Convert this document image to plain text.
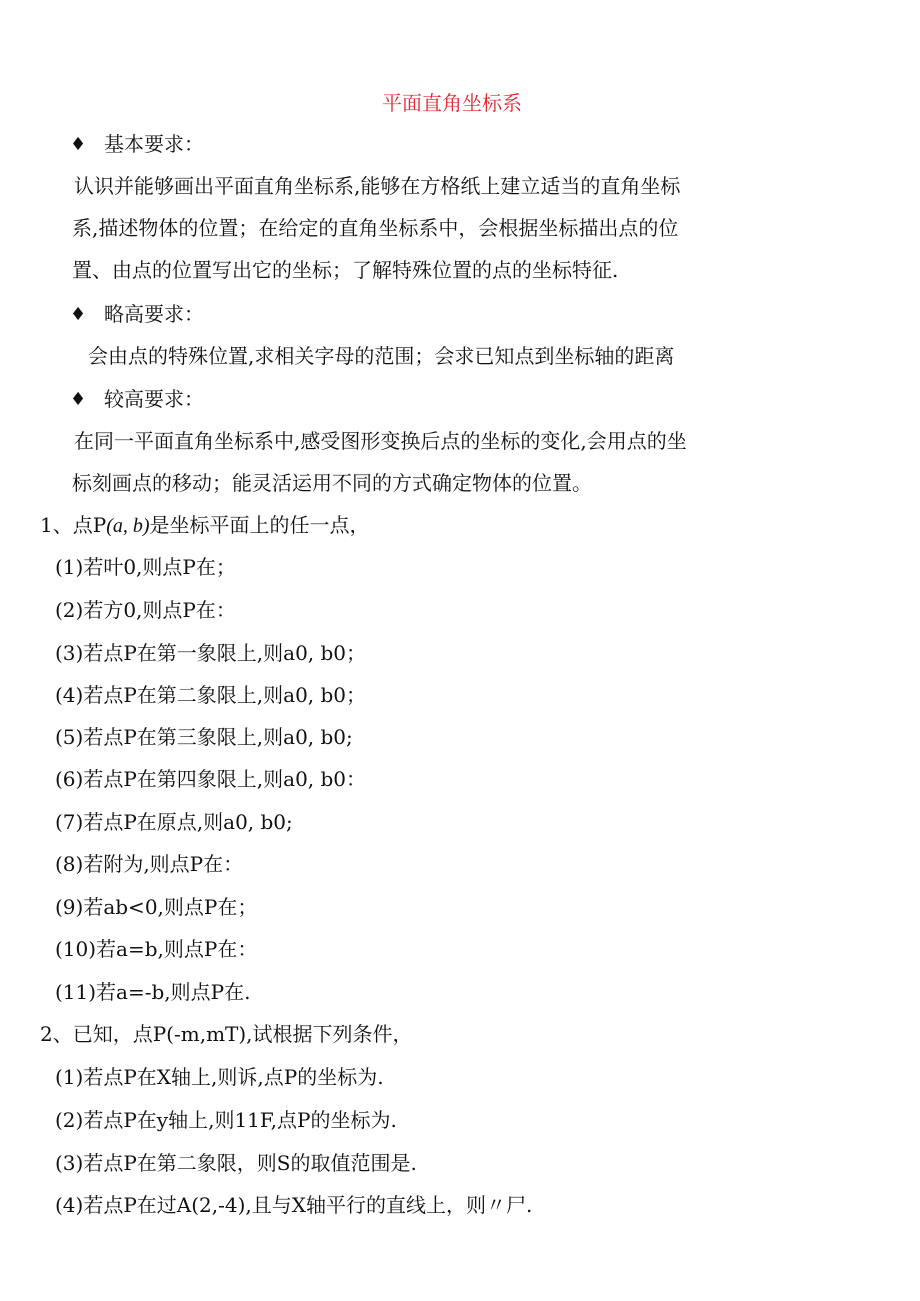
平面直角坐标系
♦ 基本要求：
认识并能够画出平面直角坐标系,能够在方格纸上建立适当的直角坐标
系,描述物体的位置；在给定的直角坐标系中，会根据坐标描出点的位
置、由点的位置写出它的坐标；了解特殊位置的点的坐标特征.
♦ 略高要求：
会由点的特殊位置,求相关字母的范围；会求已知点到坐标轴的距离
♦ 较高要求：
在同一平面直角坐标系中,感受图形变换后点的坐标的变化,会用点的坐
标刻画点的移动；能灵活运用不同的方式确定物体的位置。
1、点P(a, b)是坐标平面上的任一点，
(1)若叶0,则点P在；
(2)若方0,则点P在：
(3)若点P在第一象限上,则a0, b0；
(4)若点P在第二象限上,则a0, b0；
(5)若点P在第三象限上,则a0, b0;
(6)若点P在第四象限上,则a0, b0：
(7)若点P在原点,则a0, b0;
(8)若附为,则点P在：
(9)若ab<0,则点P在；
(10)若a=b,则点P在：
(11)若a=-b,则点P在.
2、已知，点P(-m,mT),试根据下列条件，
(1)若点P在X轴上,则诉,点P的坐标为.
(2)若点P在y轴上,则11F,点P的坐标为.
(3)若点P在第二象限，则S的取值范围是.
(4)若点P在过A(2,-4),且与X轴平行的直线上，则〃尸.
